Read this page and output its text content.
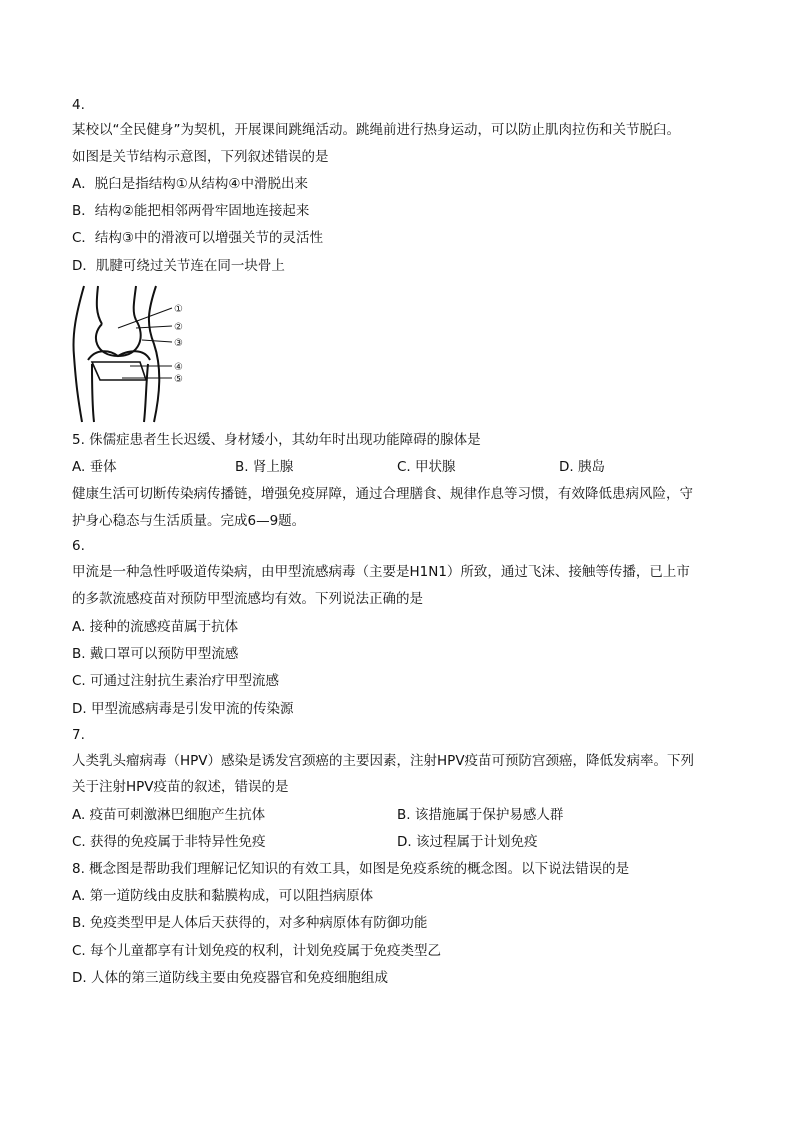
4.
某校以“全民健身”为契机，开展课间跳绳活动。跳绳前进行热身运动，可以防止肌肉拉伤和关节脱臼。
如图是关节结构示意图，下列叙述错误的是
A．脱臼是指结构①从结构④中滑脱出来
B．结构②能把相邻两骨牢固地连接起来
C．结构③中的滑液可以增强关节的灵活性
D．肌腱可绕过关节连在同一块骨上
①
②
③
④
⑤
5. 侏儒症患者生长迟缓、身材矮小，其幼年时出现功能障碍的腺体是
A. 垂体	B. 肾上腺	C. 甲状腺	D. 胰岛
健康生活可切断传染病传播链，增强免疫屏障，通过合理膳食、规律作息等习惯，有效降低患病风险，守
护身心稳态与生活质量。完成6—9题。
6.
甲流是一种急性呼吸道传染病，由甲型流感病毒（主要是H1N1）所致，通过飞沫、接触等传播，已上市
的多款流感疫苗对预防甲型流感均有效。下列说法正确的是
A. 接种的流感疫苗属于抗体
B. 戴口罩可以预防甲型流感
C. 可通过注射抗生素治疗甲型流感
D. 甲型流感病毒是引发甲流的传染源
7.
人类乳头瘤病毒（HPV）感染是诱发宫颈癌的主要因素，注射HPV疫苗可预防宫颈癌，降低发病率。下列
关于注射HPV疫苗的叙述，错误的是
A. 疫苗可刺激淋巴细胞产生抗体	B. 该措施属于保护易感人群
C. 获得的免疫属于非特异性免疫	D. 该过程属于计划免疫
8. 概念图是帮助我们理解记忆知识的有效工具，如图是免疫系统的概念图。以下说法错误的是
A. 第一道防线由皮肤和黏膜构成，可以阻挡病原体
B. 免疫类型甲是人体后天获得的，对多种病原体有防御功能
C. 每个儿童都享有计划免疫的权利，计划免疫属于免疫类型乙
D. 人体的第三道防线主要由免疫器官和免疫细胞组成
